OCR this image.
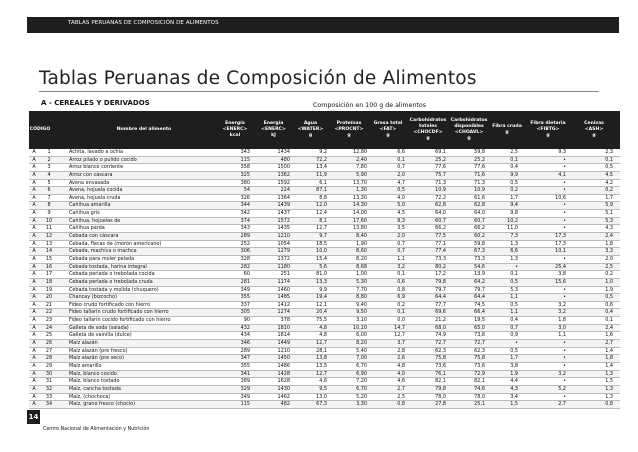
TABLAS PERUANAS DE COMPOSICIÓN DE ALIMENTOS
Tablas Peruanas de Composición de Alimentos
A - CEREALES Y DERIVADOS	Composición en 100 g de alimentos
CÓDIGO	Nombre del alimento
Energía
<ENERC>
kcal
Energía
<ENERC>
kJ
Agua
<WATER>
g
Proteínas
<PROCNT>
g
Grasa total
<FAT>
g
Carbohidratos
totales
<CHOCDF>
g
Carbohidratos
disponibles
<CHOAVL>
g
Fibra cruda
g
Fibra dietaria
<FIBTG>
g
Cenizas
<ASH>
g
A	1	Achita, lavado a ochía	343	1434	9,2	12,80	6,6	69,1	59,8	2,5	9,3	2,3
A	2	Arroz pilado o pulido cocido	115	480	72,2	2,40	0,1	25,2	25,2	0,1	•	0,1
A	3	Arroz blanco corriente	358	1500	13,4	7,80	0,7	77,6	77,6	0,4	•	0,5
A	4	Arroz con cáscara	325	1362	11,9	5,90	2,0	75,7	71,6	9,9	4,1	4,5
A	5	Avena envasada	380	1592	6,1	13,70	4,7	71,3	71,3	0,5	•	4,2
A	6	Avena, hojuela cocida	54	224	87,1	1,30	0,5	10,9	10,9	0,2	•	0,2
A	7	Avena, hojuela cruda	326	1364	8,8	13,30	4,0	72,2	61,6	1,7	10,6	1,7
A	8	Cañihua amarilla	344	1439	12,0	14,30	5,0	62,8	62,8	9,4	•	5,9
A	9	Cañihua gris	342	1437	12,4	14,00	4,5	64,0	64,0	9,8	•	5,1
A	10	Cañihua, hojuelas de	374	1572	8,1	17,60	8,3	60,7	60,7	10,2	•	5,3
A	11	Cañihua parda	343	1435	12,7	13,80	3,5	66,2	66,2	11,0	•	4,3
A	12	Cebada con cáscara	289	1210	9,7	8,40	2,0	77,5	60,2	7,3	17,3	2,4
A	13	Cebada, flecas de (morón americano)	252	1054	18,5	1,90	0,7	77,1	59,8	1,3	17,3	1,8
A	14	Cebada, machica o machca	306	1279	10,0	8,60	0,7	77,4	67,3	6,6	10,1	3,3
A	15	Cebada para moler pelada	328	1372	15,4	8,20	1,1	73,3	73,3	1,3	•	2,0
A	16	Cebada tostada, harina integral	282	1180	5,6	8,68	3,2	80,2	54,6	•	25,4	2,5
A	17	Cebada perlada o trebolada cocida	60	251	81,0	1,00	0,1	17,2	13,9	0,1	3,8	0,2
A	18	Cebada perlada o trebolada cruda	281	1174	13,3	5,30	0,6	79,8	64,2	0,5	15,6	1,0
A	19	Cebada tostada y molida (chuquero)	349	1460	9,9	7,70	0,8	79,7	79,7	5,3	•	1,9
A	20	Chancay (bizcocho)	355	1485	19,4	8,80	6,9	64,4	64,4	1,1	•	0,5
A	21	Fideo crudo fortificado con hierro	337	1412	12,1	9,40	0,2	77,7	74,5	0,5	3,2	0,6
A	22	Fideo tallarín crudo fortificado con hierro	305	1274	20,4	9,50	0,1	69,6	66,4	1,1	3,2	0,4
A	23	Fideo tallarín cocido fortificado con hierro	90	378	75,5	3,10	0,0	21,2	19,5	0,4	1,8	0,1
A	24	Galleta de soda (salada)	432	1810	4,8	10,10	14,7	68,0	65,0	0,7	3,0	2,4
A	25	Galleta de vainilla (dulce)	434	1814	4,8	6,00	12,7	74,9	73,8	0,9	1,1	1,6
A	26	Maíz alazán	346	1449	12,7	8,20	3,7	72,7	72,7	•	•	2,7
A	27	Maíz alazán (pre fresco)	289	1210	28,1	5,40	2,8	62,3	62,3	0,5	•	1,4
A	28	Maíz alazán (pre seco)	347	1450	13,8	7,00	2,6	75,8	75,8	1,7	•	1,8
A	29	Maíz amarillo	355	1486	13,5	6,70	4,8	73,6	73,6	3,8	•	1,4
A	30	Maíz, blanco cocido	341	1428	12,7	6,90	4,0	76,1	72,9	1,9	3,2	1,3
A	31	Maíz, blanco tostado	389	1628	4,6	7,20	4,6	82,1	82,1	4,4	•	1,5
A	32	Maíz, cancha tostada	329	1430	9,5	6,70	2,7	79,8	74,6	4,3	5,2	1,3
A	33	Maíz, (chochoca)	349	1462	13,0	5,20	2,5	78,0	78,0	3,4	•	1,3
A	34	Maíz, grano fresco (choclo)	115	482	67,3	3,30	0,8	27,8	25,1	1,5	2,7	0,8
14
Centro Nacional de Alimentación y Nutrición
